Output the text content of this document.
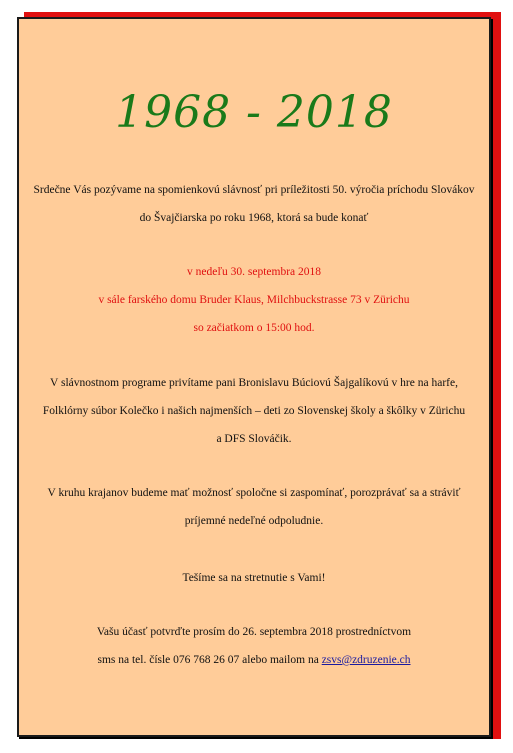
1968 - 2018

Srdečne Vás pozývame na spomienkovú slávnosť pri príležitosti 50. výročia príchodu Slovákov
do Švajčiarska po roku 1968, ktorá sa bude konať

v nedeľu 30. septembra 2018
v sále farského domu Bruder Klaus, Milchbuckstrasse 73 v Zürichu
so začiatkom o 15:00 hod.

V slávnostnom programe privítame pani Bronislavu Búciovú Šajgalíkovú v hre na harfe,
Folklórny súbor Kolečko i našich najmenších – deti zo Slovenskej školy a škôlky v Zürichu
a DFS Slováčik.

V kruhu krajanov budeme mať možnosť spoločne si zaspomínať, porozprávať sa a stráviť
príjemné nedeľné odpoludnie.

Tešíme sa na stretnutie s Vami!

Vašu účasť potvrďte prosím do 26. septembra 2018 prostredníctvom
sms na tel. čísle 076 768 26 07 alebo mailom na zsvs@zdruzenie.ch
